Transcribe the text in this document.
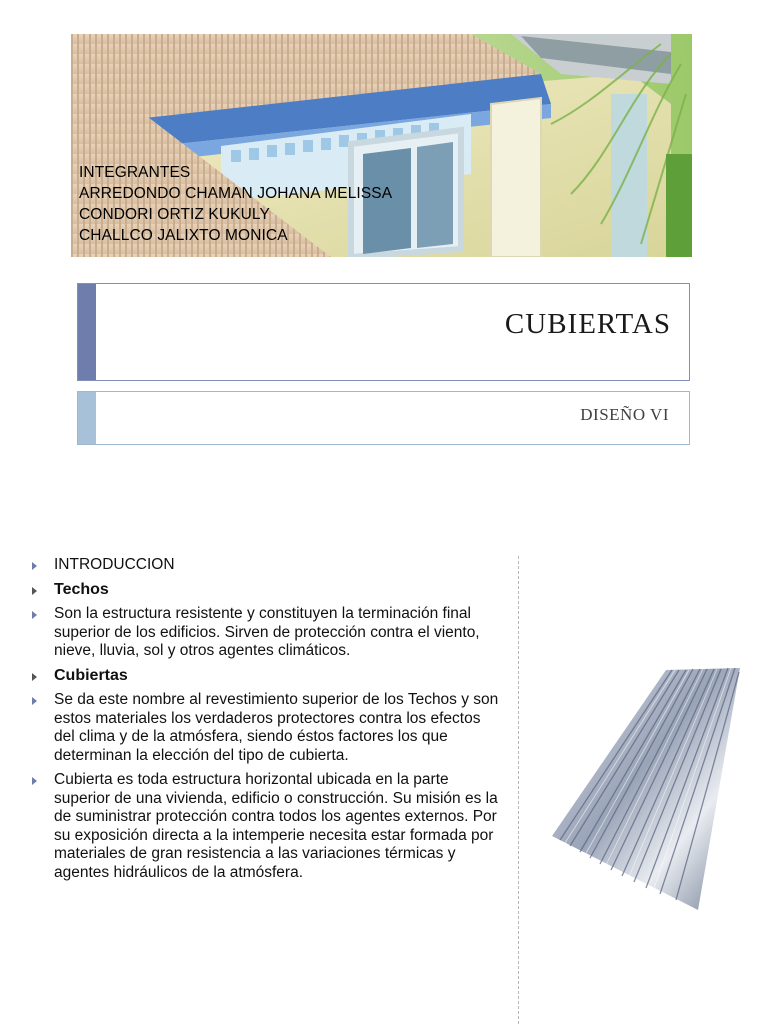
INTEGRANTES
ARREDONDO CHAMAN JOHANA MELISSA
CONDORI ORTIZ KUKULY
CHALLCO JALIXTO MONICA
CUBIERTAS
DISEÑO VI
INTRODUCCION
Techos
Son la estructura resistente y constituyen la terminación final superior de los edificios. Sirven de protección contra el viento, nieve, lluvia, sol y otros agentes climáticos.
Cubiertas
Se da este nombre al revestimiento superior de los Techos y son estos materiales los verdaderos protectores contra los efectos del clima y de la atmósfera, siendo éstos factores los que determinan la elección del tipo de cubierta.
Cubierta es toda estructura horizontal ubicada en la parte superior de una vivienda, edificio o construcción. Su misión es la de suministrar protección contra todos los agentes externos. Por su exposición directa a la intemperie necesita estar formada por materiales de gran resistencia a las variaciones térmicas y agentes hidráulicos de la atmósfera.
